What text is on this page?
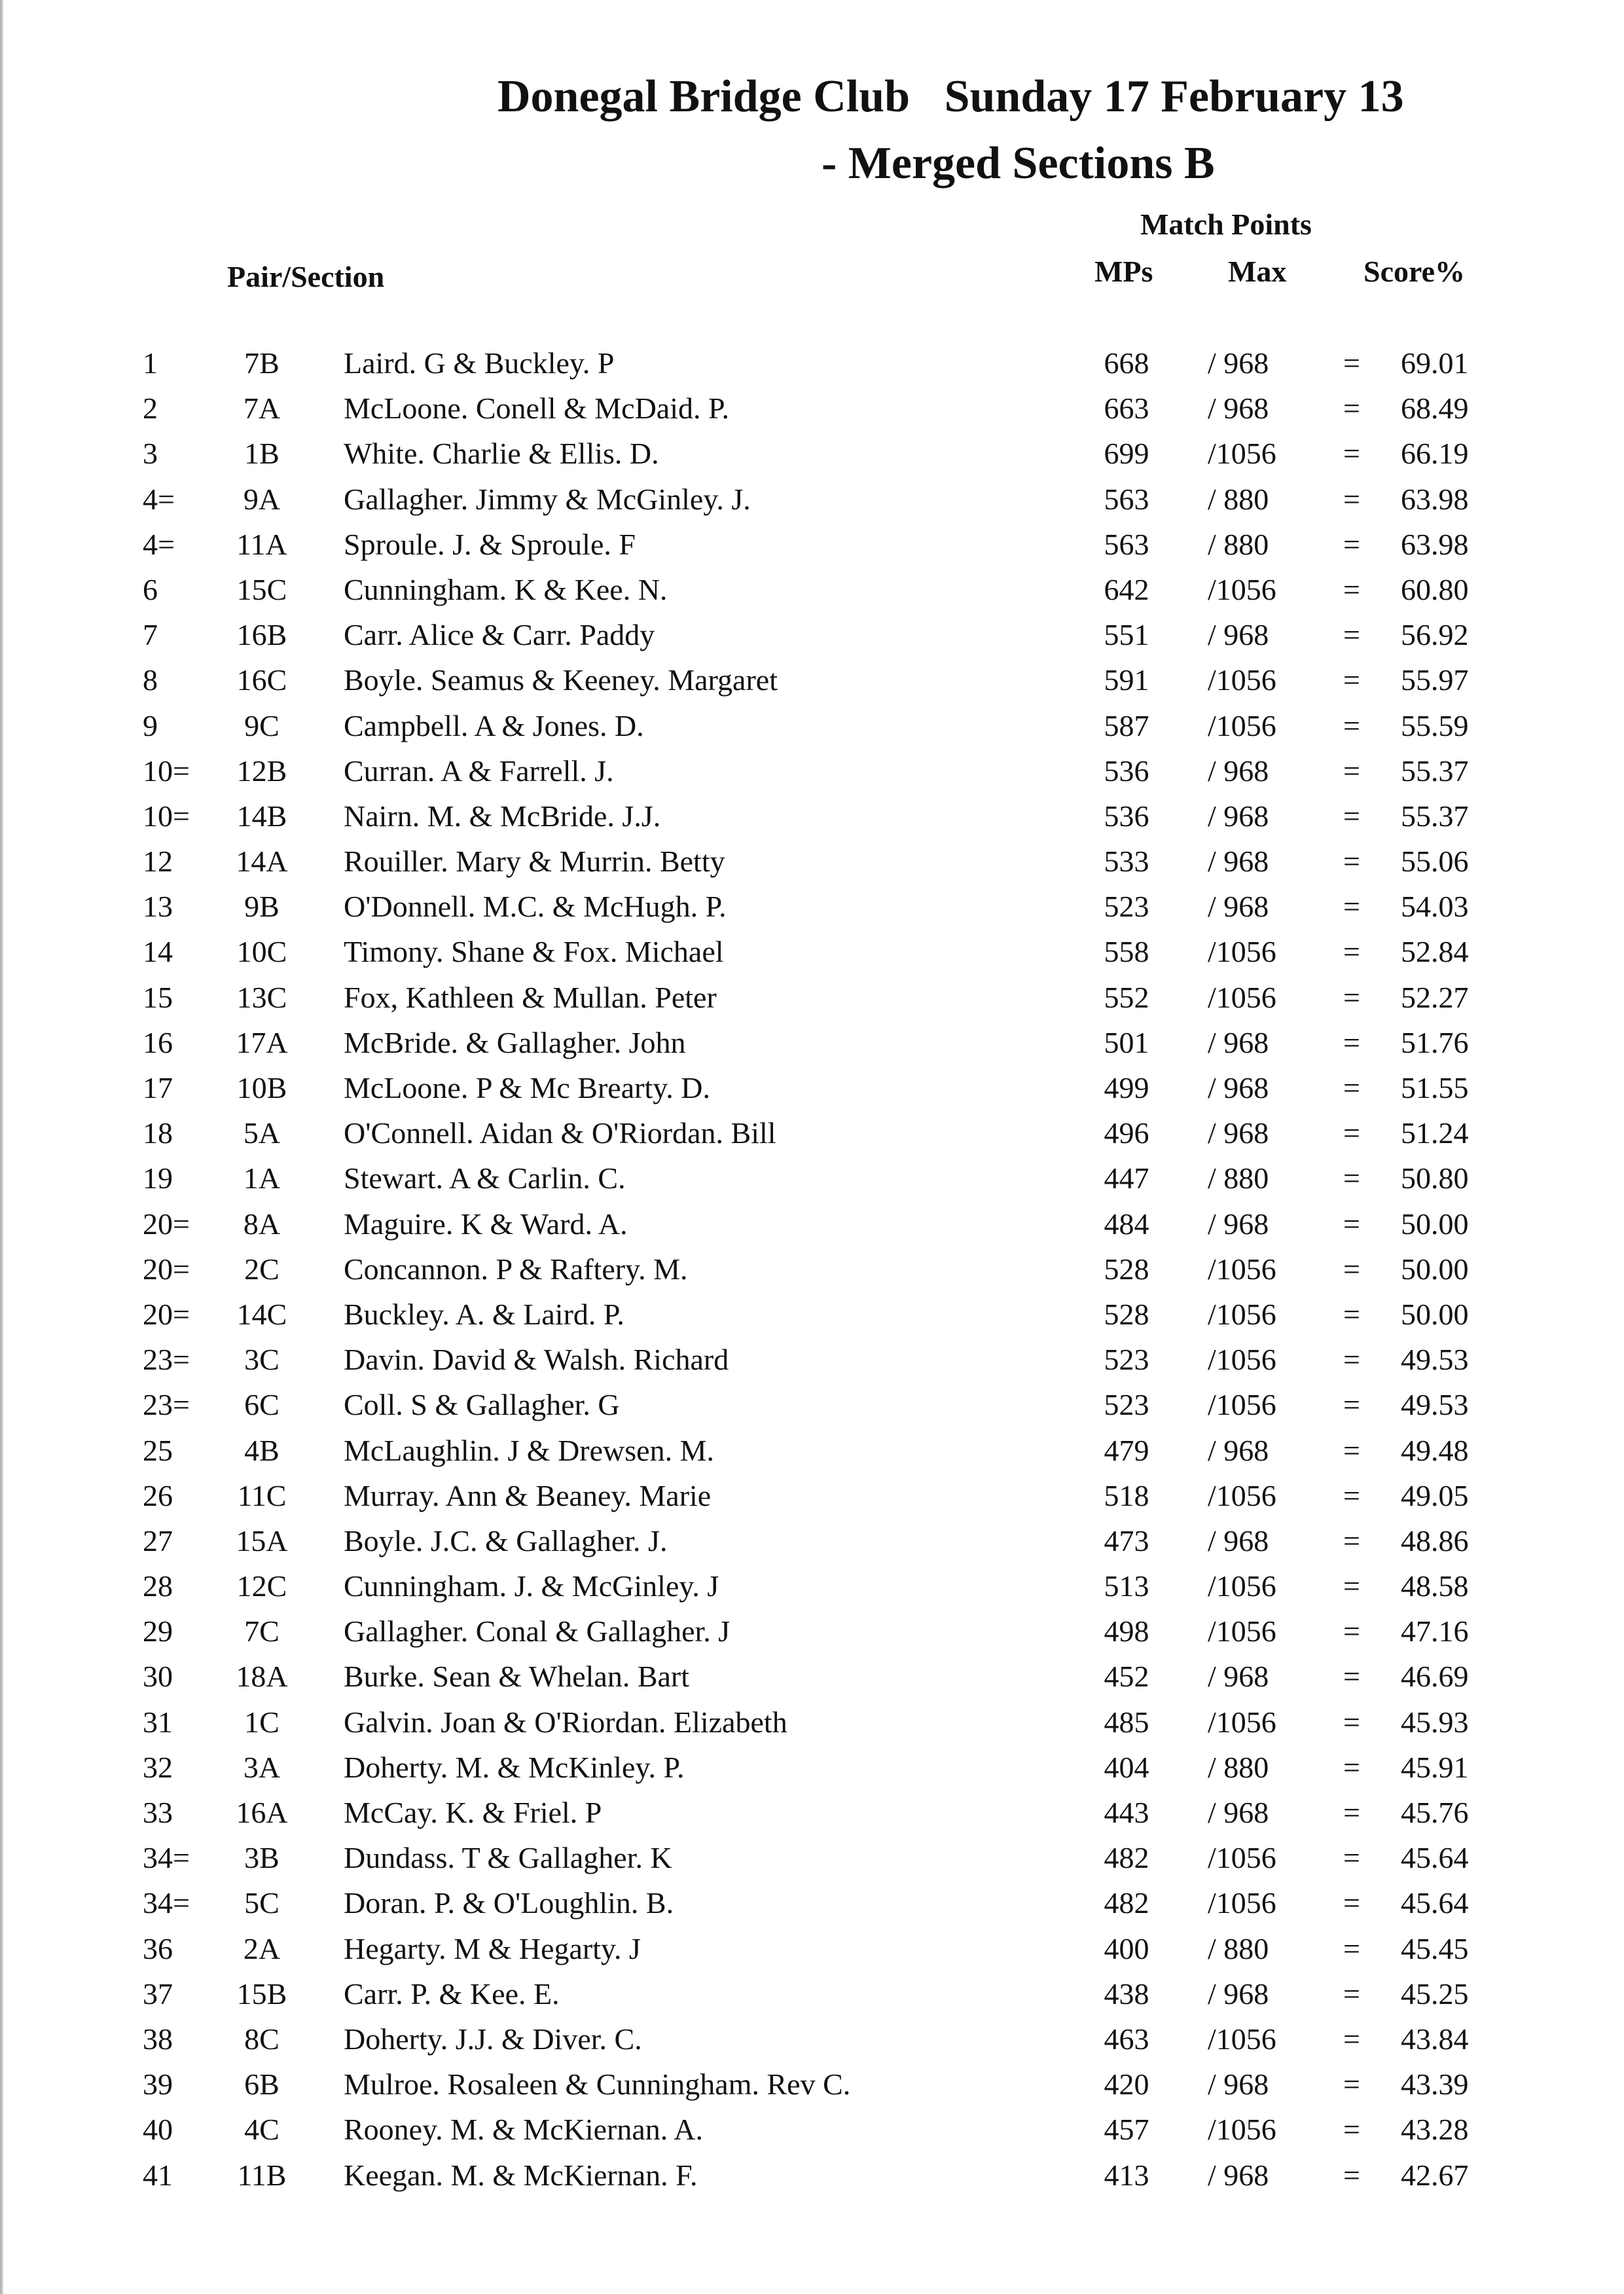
Donegal Bridge Club   Sunday 17 February 13
- Merged Sections B
Match Points
Pair/Section	MPs Max	Score%
1	7B	Laird. G & Buckley. P	668	/ 968 = 69.01
2	7A	McLoone. Conell & McDaid. P.	663	/ 968 = 68.49
3	1B	White. Charlie & Ellis. D.	699	/1056 = 66.19
4=	9A	Gallagher. Jimmy & McGinley. J.	563	/ 880 = 63.98
4=	11A	Sproule. J. & Sproule. F	563	/ 880 = 63.98
6	15C	Cunningham. K & Kee. N.	642	/1056 = 60.80
7	16B	Carr. Alice & Carr. Paddy	551	/ 968 = 56.92
8	16C	Boyle. Seamus & Keeney. Margaret	591	/1056 = 55.97
9	9C	Campbell. A & Jones. D.	587	/1056 = 55.59
10=	12B	Curran. A & Farrell. J.	536	/ 968 = 55.37
10=	14B	Nairn. M. & McBride. J.J.	536	/ 968 = 55.37
12	14A	Rouiller. Mary & Murrin. Betty	533	/ 968 = 55.06
13	9B	O'Donnell. M.C. & McHugh. P.	523	/ 968 = 54.03
14	10C	Timony. Shane & Fox. Michael	558	/1056 = 52.84
15	13C	Fox, Kathleen & Mullan. Peter	552	/1056 = 52.27
16	17A	McBride. & Gallagher. John	501	/ 968 = 51.76
17	10B	McLoone. P & Mc Brearty. D.	499	/ 968 = 51.55
18	5A	O'Connell. Aidan & O'Riordan. Bill	496	/ 968 = 51.24
19	1A	Stewart. A & Carlin. C.	447	/ 880 = 50.80
20=	8A	Maguire. K & Ward. A.	484	/ 968 = 50.00
20=	2C	Concannon. P & Raftery. M.	528	/1056 = 50.00
20=	14C	Buckley. A. & Laird. P.	528	/1056 = 50.00
23=	3C	Davin. David & Walsh. Richard	523	/1056 = 49.53
23=	6C	Coll. S & Gallagher. G	523	/1056 = 49.53
25	4B	McLaughlin. J & Drewsen. M.	479	/ 968 = 49.48
26	11C	Murray. Ann & Beaney. Marie	518	/1056 = 49.05
27	15A	Boyle. J.C. & Gallagher. J.	473	/ 968 = 48.86
28	12C	Cunningham. J. & McGinley. J	513	/1056 = 48.58
29	7C	Gallagher. Conal & Gallagher. J	498	/1056 = 47.16
30	18A	Burke. Sean & Whelan. Bart	452	/ 968 = 46.69
31	1C	Galvin. Joan & O'Riordan. Elizabeth	485	/1056 = 45.93
32	3A	Doherty. M. & McKinley. P.	404	/ 880 = 45.91
33	16A	McCay. K. & Friel. P	443	/ 968 = 45.76
34=	3B	Dundass. T & Gallagher. K	482	/1056 = 45.64
34=	5C	Doran. P. & O'Loughlin. B.	482	/1056 = 45.64
36	2A	Hegarty. M & Hegarty. J	400	/ 880 = 45.45
37	15B	Carr. P. & Kee. E.	438	/ 968 = 45.25
38	8C	Doherty. J.J. & Diver. C.	463	/1056 = 43.84
39	6B	Mulroe. Rosaleen & Cunningham. Rev C.	420	/ 968 = 43.39
40	4C	Rooney. M. & McKiernan. A.	457	/1056 = 43.28
41	11B	Keegan. M. & McKiernan. F.	413	/ 968 = 42.67
